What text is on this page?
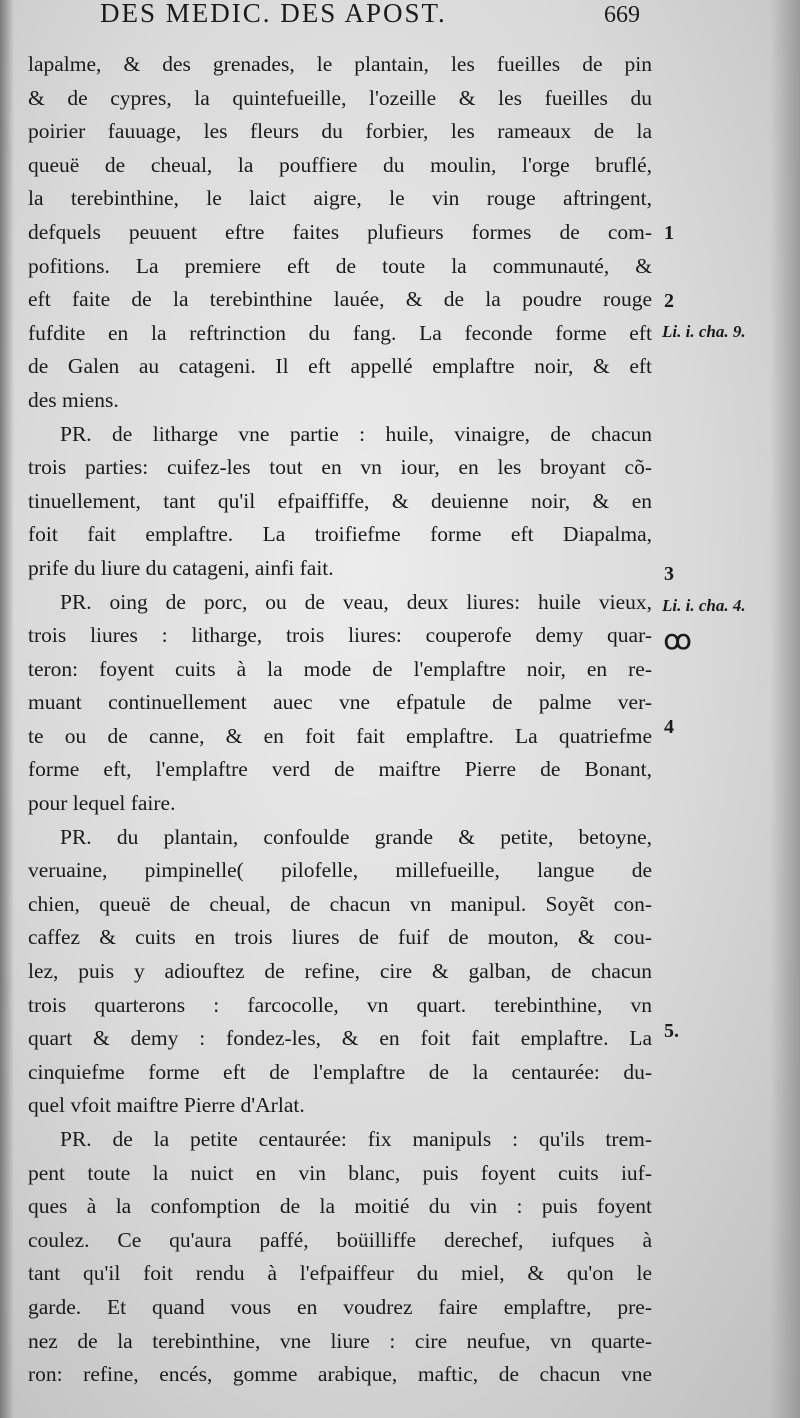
DES MEDIC. DES APOST.	669
lapalme, & des grenades, le plantain, les fueilles de pin
& de cypres, la quintefueille, l'ozeille & les fueilles du
poirier fauuage, les fleurs du forbier, les rameaux de la
queuë de cheual, la pouffiere du moulin, l'orge bruflé,
la terebinthine, le laict aigre, le vin rouge aftringent,
defquels peuuent eftre faites plufieurs formes de com-
pofitions. La premiere eft de toute la communauté, &
eft faite de la terebinthine lauée, & de la poudre rouge
fufdite en la reftrinction du fang. La feconde forme eft
de Galen au catageni. Il eft appellé emplaftre noir, & eft
des miens.
PR. de litharge vne partie : huile, vinaigre, de chacun
trois parties: cuifez-les tout en vn iour, en les broyant cõ-
tinuellement, tant qu'il efpaiffiffe, & deuienne noir, & en
foit fait emplaftre. La troifiefme forme eft Diapalma,
prife du liure du catageni, ainfi fait.
PR. oing de porc, ou de veau, deux liures: huile vieux,
trois liures : litharge, trois liures: couperofe demy quar-
teron: foyent cuits à la mode de l'emplaftre noir, en re-
muant continuellement auec vne efpatule de palme ver-
te ou de canne, & en foit fait emplaftre. La quatriefme
forme eft, l'emplaftre verd de maiftre Pierre de Bonant,
pour lequel faire.
PR. du plantain, confoulde grande & petite, betoyne,
veruaine, pimpinelle( pilofelle, millefueille, langue de
chien, queuë de cheual, de chacun vn manipul. Soyẽt con-
caffez & cuits en trois liures de fuif de mouton, & cou-
lez, puis y adiouftez de refine, cire & galban, de chacun
trois quarterons : farcocolle, vn quart. terebinthine, vn
quart & demy : fondez-les, & en foit fait emplaftre. La
cinquiefme forme eft de l'emplaftre de la centaurée: du-
quel vfoit maiftre Pierre d'Arlat.
PR. de la petite centaurée: fix manipuls : qu'ils trem-
pent toute la nuict en vin blanc, puis foyent cuits iuf-
ques à la confomption de la moitié du vin : puis foyent
coulez. Ce qu'aura paffé, boüilliffe derechef, iufques à
tant qu'il foit rendu à l'efpaiffeur du miel, & qu'on le
garde. Et quand vous en voudrez faire emplaftre, pre-
nez de la terebinthine, vne liure : cire neufue, vn quarte-
ron: refine, encés, gomme arabique, maftic, de chacun vne
1
2
Li. i. cha. 9.
3
Li. i. cha. 4.
Ꝏ
4
5.
